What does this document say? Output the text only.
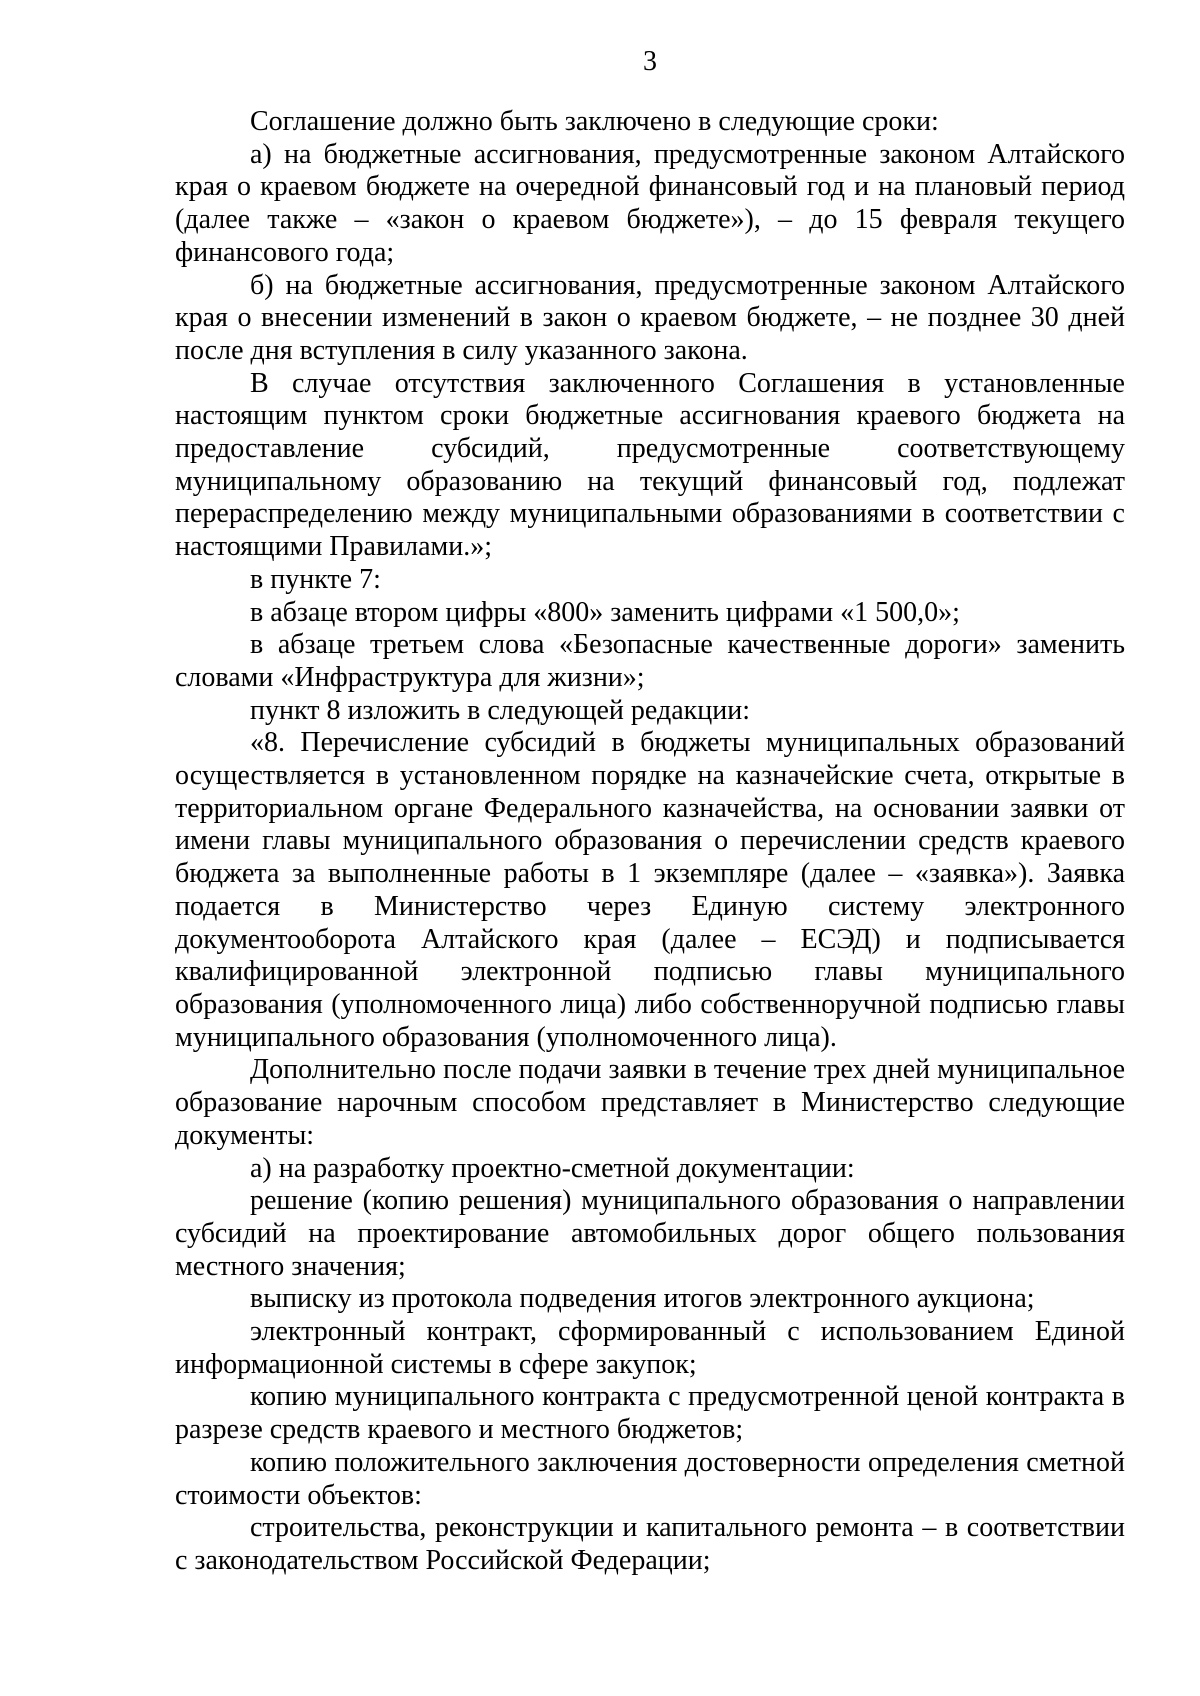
3

Соглашение должно быть заключено в следующие сроки:

а) на бюджетные ассигнования, предусмотренные законом Алтайского края о краевом бюджете на очередной финансовый год и на плановый период (далее также – «закон о краевом бюджете»), – до 15 февраля текущего финансового года;

б) на бюджетные ассигнования, предусмотренные законом Алтайского края о внесении изменений в закон о краевом бюджете, – не позднее 30 дней после дня вступления в силу указанного закона.

В случае отсутствия заключенного Соглашения в установленные настоящим пунктом сроки бюджетные ассигнования краевого бюджета на предоставление субсидий, предусмотренные соответствующему муниципальному образованию на текущий финансовый год, подлежат перераспределению между муниципальными образованиями в соответствии с настоящими Правилами.»;

в пункте 7:

в абзаце втором цифры «800» заменить цифрами «1 500,0»;

в абзаце третьем слова «Безопасные качественные дороги» заменить словами «Инфраструктура для жизни»;

пункт 8 изложить в следующей редакции:

«8. Перечисление субсидий в бюджеты муниципальных образований осуществляется в установленном порядке на казначейские счета, открытые в территориальном органе Федерального казначейства, на основании заявки от имени главы муниципального образования о перечислении средств краевого бюджета за выполненные работы в 1 экземпляре (далее – «заявка»). Заявка подается в Министерство через Единую систему электронного документооборота Алтайского края (далее – ЕСЭД) и подписывается квалифицированной электронной подписью главы муниципального образования (уполномоченного лица) либо собственноручной подписью главы муниципального образования (уполномоченного лица).

Дополнительно после подачи заявки в течение трех дней муниципальное образование нарочным способом представляет в Министерство следующие документы:

а) на разработку проектно-сметной документации:

решение (копию решения) муниципального образования о направлении субсидий на проектирование автомобильных дорог общего пользования местного значения;

выписку из протокола подведения итогов электронного аукциона;

электронный контракт, сформированный с использованием Единой информационной системы в сфере закупок;

копию муниципального контракта с предусмотренной ценой контракта в разрезе средств краевого и местного бюджетов;

копию положительного заключения достоверности определения сметной стоимости объектов:

строительства, реконструкции и капитального ремонта – в соответствии с законодательством Российской Федерации;
